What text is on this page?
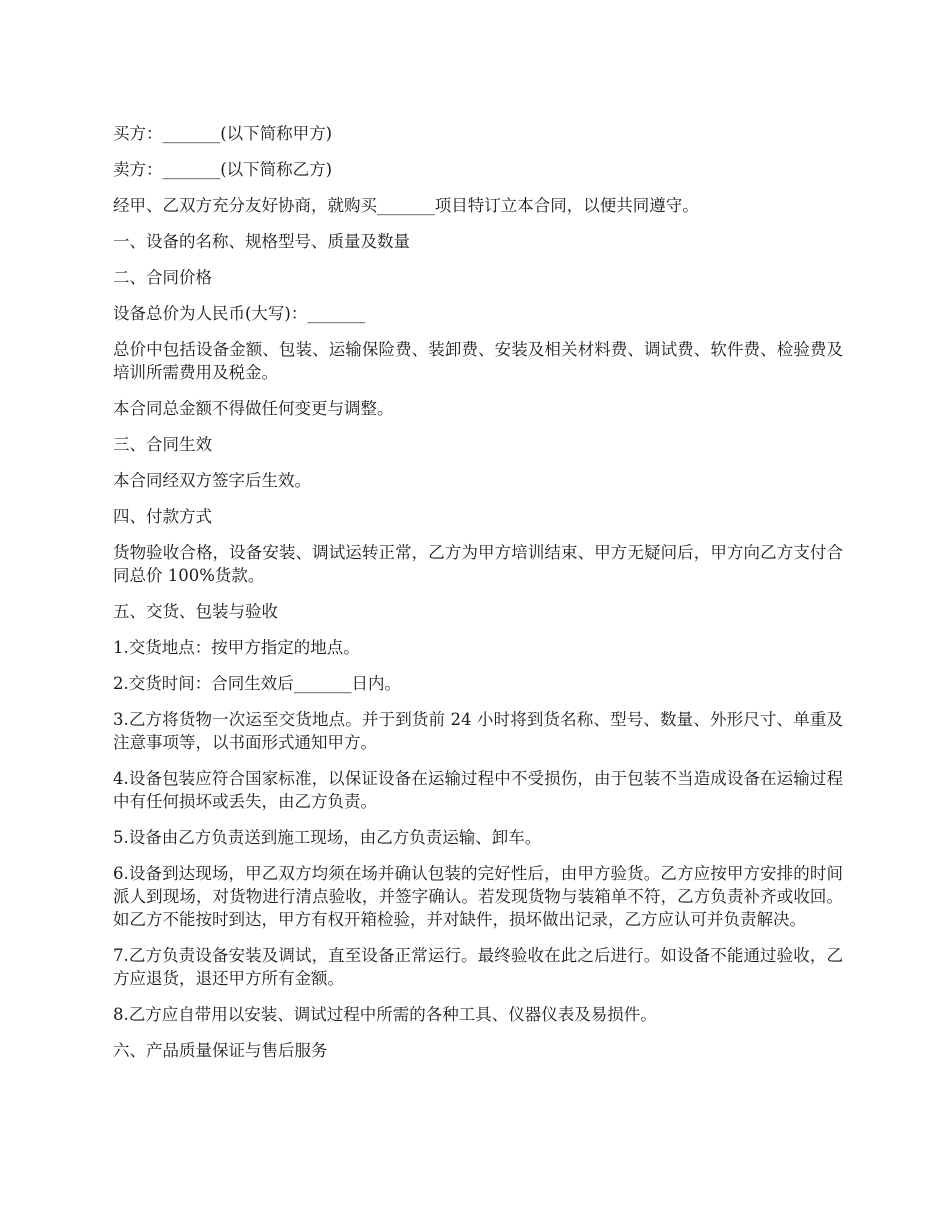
买方：_______(以下简称甲方)

卖方：_______(以下简称乙方)

经甲、乙双方充分友好协商，就购买_______项目特订立本合同，以便共同遵守。

一、设备的名称、规格型号、质量及数量

二、合同价格

设备总价为人民币(大写)：_______

总价中包括设备金额、包装、运输保险费、装卸费、安装及相关材料费、调试费、软件费、检验费及培训所需费用及税金。

本合同总金额不得做任何变更与调整。

三、合同生效

本合同经双方签字后生效。

四、付款方式

货物验收合格，设备安装、调试运转正常，乙方为甲方培训结束、甲方无疑问后，甲方向乙方支付合同总价 100%货款。

五、交货、包装与验收

1.交货地点：按甲方指定的地点。

2.交货时间：合同生效后_______日内。

3.乙方将货物一次运至交货地点。并于到货前 24 小时将到货名称、型号、数量、外形尺寸、单重及注意事项等，以书面形式通知甲方。

4.设备包装应符合国家标准，以保证设备在运输过程中不受损伤，由于包装不当造成设备在运输过程中有任何损坏或丢失，由乙方负责。

5.设备由乙方负责送到施工现场，由乙方负责运输、卸车。

6.设备到达现场，甲乙双方均须在场并确认包装的完好性后，由甲方验货。乙方应按甲方安排的时间派人到现场，对货物进行清点验收，并签字确认。若发现货物与装箱单不符，乙方负责补齐或收回。如乙方不能按时到达，甲方有权开箱检验，并对缺件，损坏做出记录，乙方应认可并负责解决。

7.乙方负责设备安装及调试，直至设备正常运行。最终验收在此之后进行。如设备不能通过验收，乙方应退货，退还甲方所有金额。

8.乙方应自带用以安装、调试过程中所需的各种工具、仪器仪表及易损件。

六、产品质量保证与售后服务
